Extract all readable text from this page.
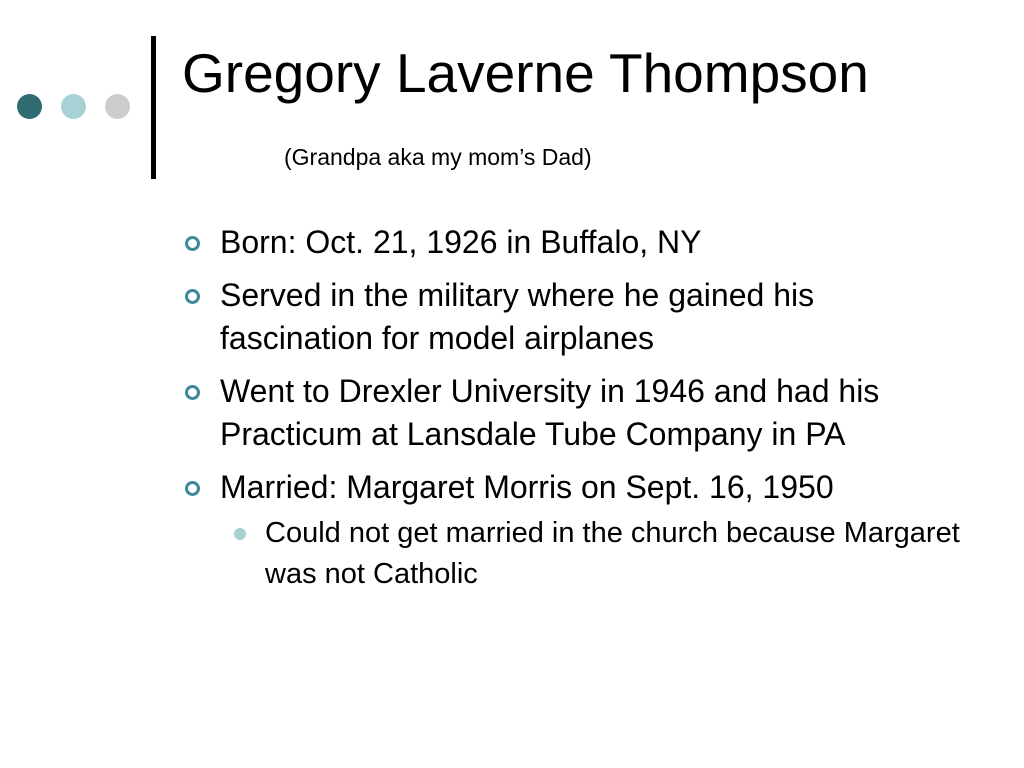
Gregory Laverne Thompson

(Grandpa aka my mom’s Dad)

Born: Oct. 21, 1926 in Buffalo, NY
Served in the military where he gained his fascination for model airplanes
Went to Drexler University in 1946 and had his Practicum at Lansdale Tube Company in PA
Married: Margaret Morris on Sept. 16, 1950
Could not get married in the church because Margaret was not Catholic
